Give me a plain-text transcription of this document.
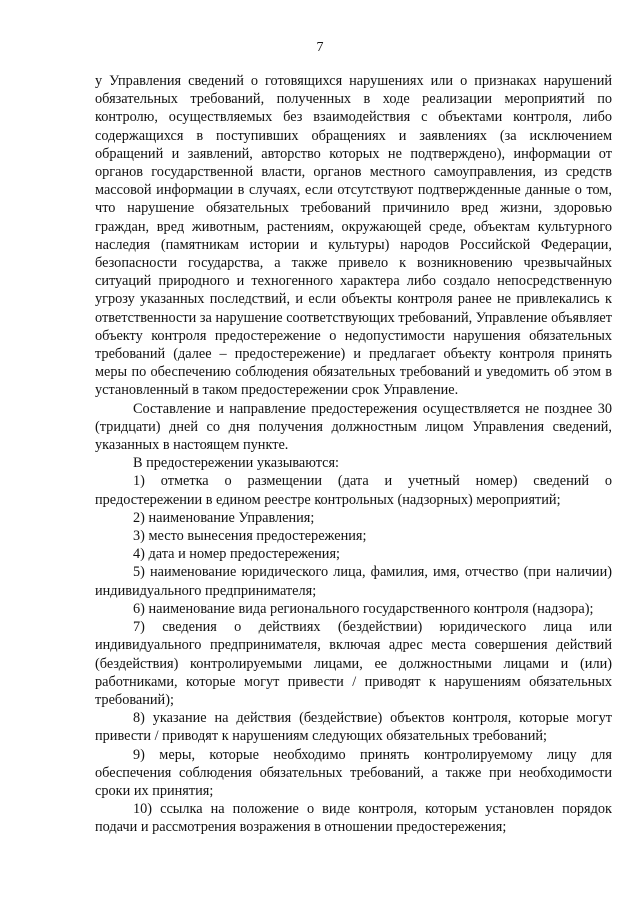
7

у Управления сведений о готовящихся нарушениях или о признаках нарушений обязательных требований, полученных в ходе реализации мероприятий по контролю, осуществляемых без взаимодействия с объектами контроля, либо содержащихся в поступивших обращениях и заявлениях (за исключением обращений и заявлений, авторство которых не подтверждено), информации от органов государственной власти, органов местного самоуправления, из средств массовой информации в случаях, если отсутствуют подтвержденные данные о том, что нарушение обязательных требований причинило вред жизни, здоровью граждан, вред животным, растениям, окружающей среде, объектам культурного наследия (памятникам истории и культуры) народов Российской Федерации, безопасности государства, а также привело к возникновению чрезвычайных ситуаций природного и техногенного характера либо создало непосредственную угрозу указанных последствий, и если объекты контроля ранее не привлекались к ответственности за нарушение соответствующих требований, Управление объявляет объекту контроля предостережение о недопустимости нарушения обязательных требований (далее – предостережение) и предлагает объекту контроля принять меры по обеспечению соблюдения обязательных требований и уведомить об этом в установленный в таком предостережении срок Управление.

Составление и направление предостережения осуществляется не позднее 30 (тридцати) дней со дня получения должностным лицом Управления сведений, указанных в настоящем пункте.

В предостережении указываются:

1) отметка о размещении (дата и учетный номер) сведений о предостережении в едином реестре контрольных (надзорных) мероприятий;

2) наименование Управления;

3) место вынесения предостережения;

4) дата и номер предостережения;

5) наименование юридического лица, фамилия, имя, отчество (при наличии) индивидуального предпринимателя;

6) наименование вида регионального государственного контроля (надзора);

7) сведения о действиях (бездействии) юридического лица или индивидуального предпринимателя, включая адрес места совершения действий (бездействия) контролируемыми лицами, ее должностными лицами и (или) работниками, которые могут привести / приводят к нарушениям обязательных требований);

8) указание на действия (бездействие) объектов контроля, которые могут привести / приводят к нарушениям следующих обязательных требований;

9) меры, которые необходимо принять контролируемому лицу для обеспечения соблюдения обязательных требований, а также при необходимости сроки их принятия;

10) ссылка на положение о виде контроля, которым установлен порядок подачи и рассмотрения возражения в отношении предостережения;
